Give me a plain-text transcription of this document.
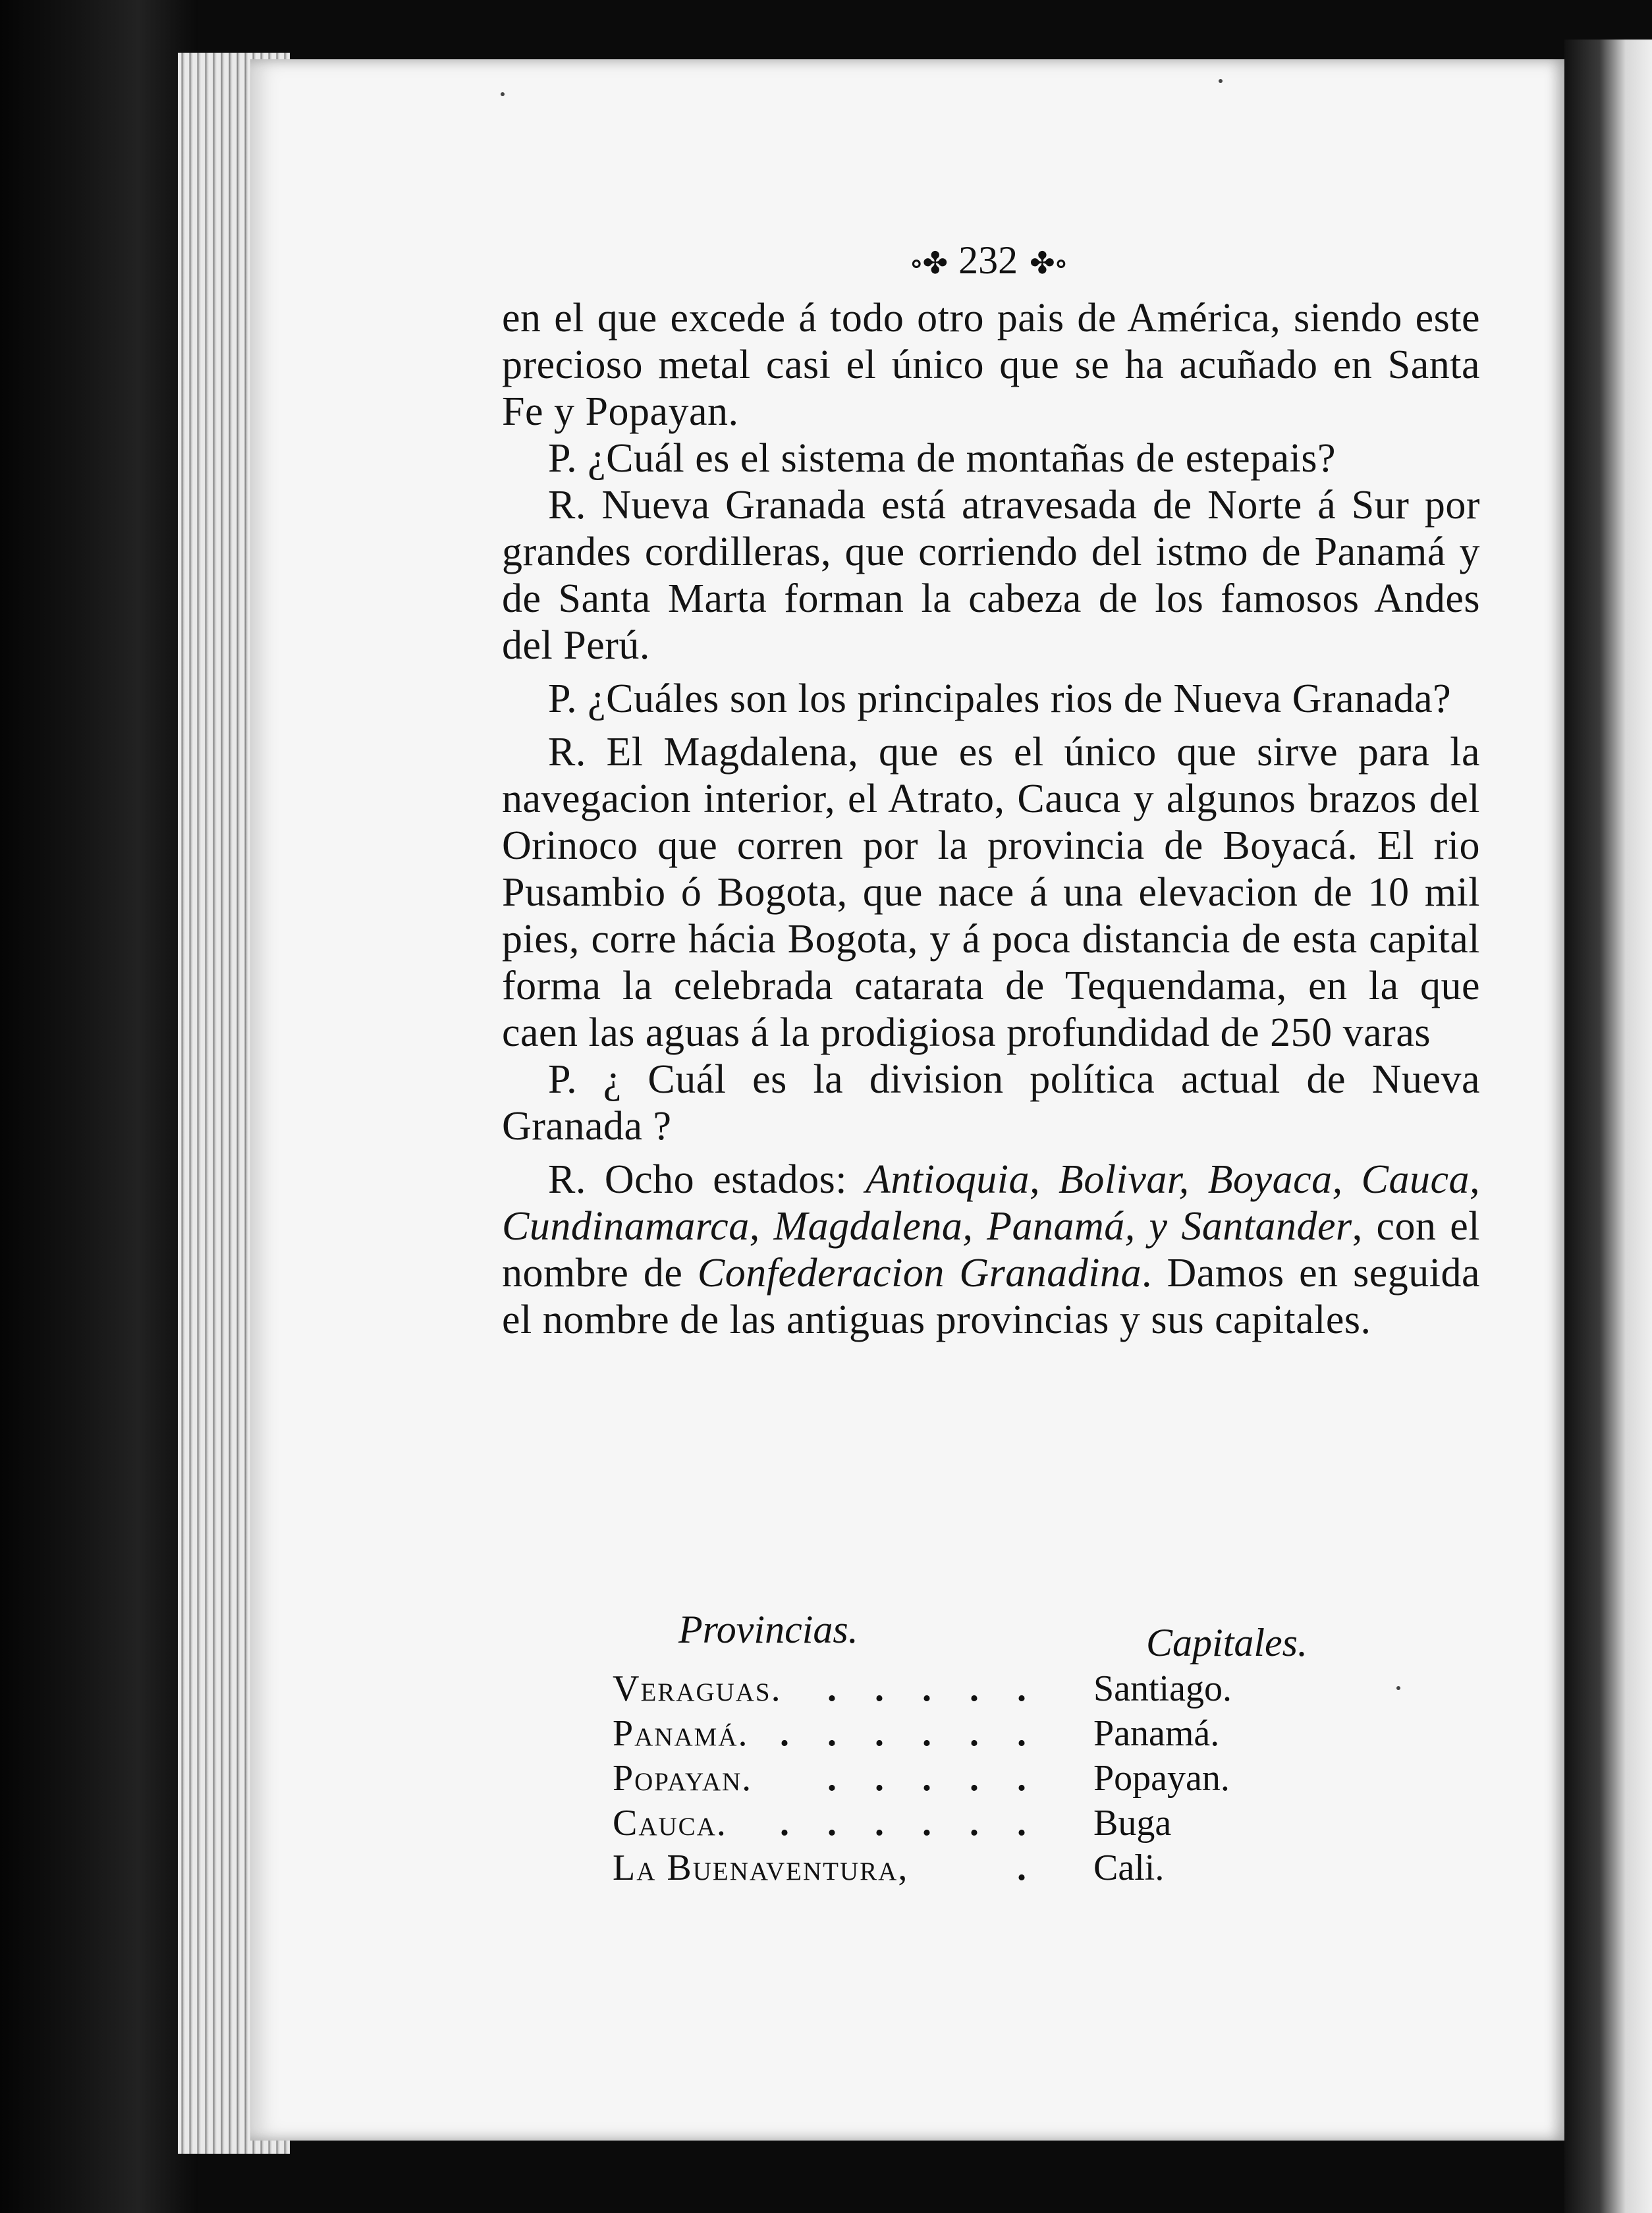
∘✤ 232 ✤∘

en el que excede á todo otro pais de América, siendo este precioso metal casi el único que se ha acuñado en Santa Fe y Popayan.

P. ¿Cuál es el sistema de montañas de estepais?

R. Nueva Granada está atravesada de Norte á Sur por grandes cordilleras, que corriendo del istmo de Panamá y de Santa Marta forman la cabeza de los famosos Andes del Perú.

P. ¿Cuáles son los principales rios de Nueva Granada?

R. El Magdalena, que es el único que sirve para la navegacion interior, el Atrato, Cauca y algunos brazos del Orinoco que corren por la provincia de Boyacá. El rio Pusambio ó Bogota, que nace á una elevacion de 10 mil pies, corre hácia Bogota, y á poca distancia de esta capital forma la celebrada catarata de Tequendama, en la que caen las aguas á la prodigiosa profundidad de 250 varas

P. ¿ Cuál es la division política actual de Nueva Granada ?

R. Ocho estados: Antioquia, Bolivar, Boyaca, Cauca, Cundinamarca, Magdalena, Panamá, y Santander, con el nombre de Confederacion Granadina. Damos en seguida el nombre de las antiguas provincias y sus capitales.

Provincias.	Capitales.
Veraguas. . . . . . Santiago.
Panamá. . . . . . . Panamá.
Popayan. . . . . . Popayan.
Cauca. . . . . . . Buga
La Buenaventura,	. Cali.
